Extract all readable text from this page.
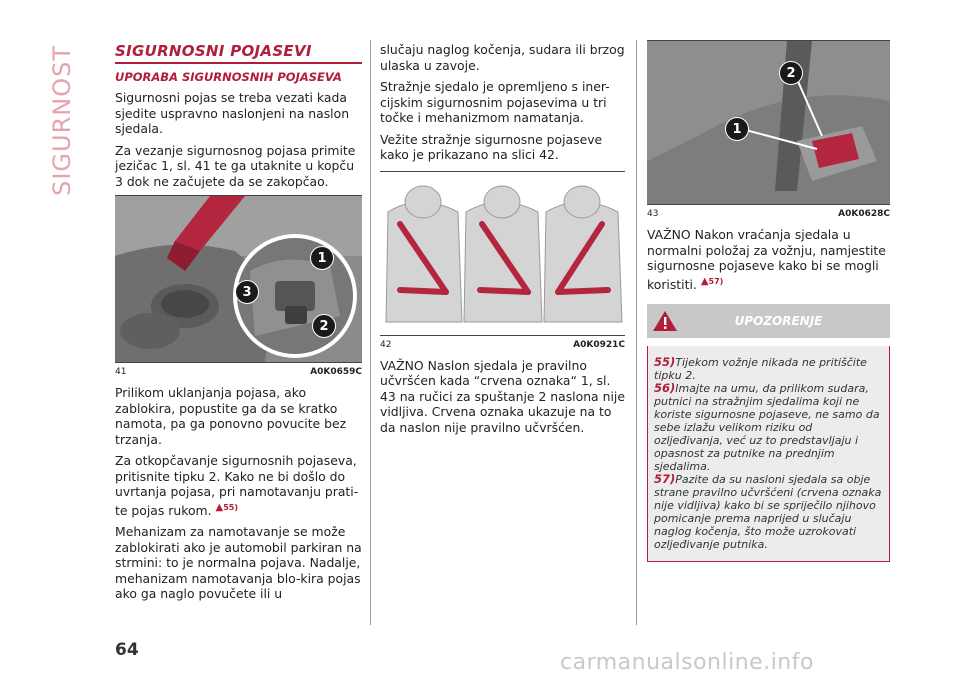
SIGURNOST	SIGURNOSNI POJASEVI
UPORABA SIGURNOSNIH POJASEVA

Sigurnosni pojas se treba vezati kada sjedite uspravno naslonjeni na naslon sjedala.

Za vezanje sigurnosnog pojasa primite jezičac 1, sl. 41 te ga utaknite u kopču 3 dok ne začujete da se zakopčao.

1
2
3
41	A0K0659C

Prilikom uklanjanja pojasa, ako zablokira, popustite ga da se kratko namota, pa ga ponovno povucite bez trzanja.

Za otkopčavanje sigurnosnih pojaseva, pritisnite tipku 2. Kako ne bi došlo do uvrtanja pojasa, pri namotavanju prati-te pojas rukom. $^{▲55)}$

Mehanizam za namotavanje se može zablokirati ako je automobil parkiran na strmini: to je normalna pojava. Nadalje, mehanizam namotavanja blo-kira pojas ako ga naglo povučete ili u

slučaju naglog kočenja, sudara ili brzog ulaska u zavoje.

Stražnje sjedalo je opremljeno s iner-cijskim sigurnosnim pojasevima u tri točke i mehanizmom namatanja.

Vežite stražnje sigurnosne pojaseve kako je prikazano na slici 42.

42	A0K0921C

VAŽNO Naslon sjedala je pravilno učvršćen kada “crvena oznaka“ 1, sl. 43 na ručici za spuštanje 2 naslona nije vidljiva. Crvena oznaka ukazuje na to da naslon nije pravilno učvršćen.

1
2
43	A0K0628C

VAŽNO Nakon vraćanja sjedala u normalni položaj za vožnju, namjestite sigurnosne pojaseve kako bi se mogli koristiti. $^{▲57)}$

UPOZORENJE

55)Tijekom vožnje nikada ne pritiščite tipku 2.

56)Imajte na umu, da prilikom sudara, putnici na stražnjim sjedalima koji ne koriste sigurnosne pojaseve, ne samo da sebe izlažu velikom riziku od ozljeđivanja, već uz to predstavljaju i opasnost za putnike na prednjim sjedalima.

57)Pazite da su nasloni sjedala sa obje strane pravilno učvršćeni (crvena oznaka nije vidljiva) kako bi se spriječilo njihovo pomicanje prema naprijed u slučaju naglog kočenja, što može uzrokovati ozljeđivanje putnika.

64	carmanualsonline.info
